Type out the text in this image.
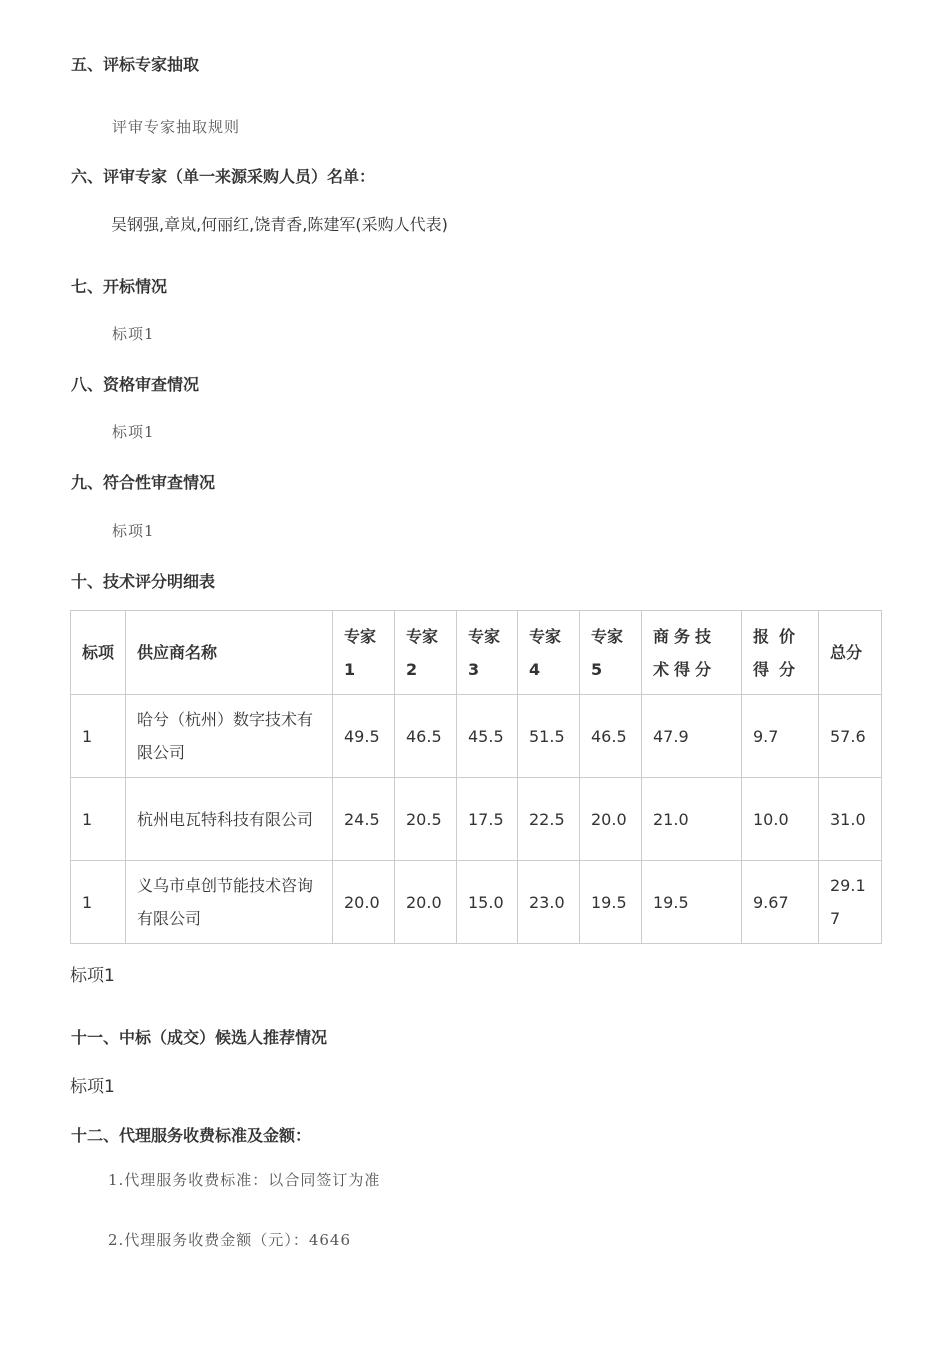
五、评标专家抽取

评审专家抽取规则

六、评审专家（单一来源采购人员）名单：

吴钢强,章岚,何丽红,饶青香,陈建军(采购人代表)

七、开标情况

标项1

八、资格审查情况

标项1

九、符合性审查情况

标项1

十、技术评分明细表

标项	供应商名称	专家1	专家2	专家3	专家4	专家5	商务技术得分	报价得分	总分
1	哈兮（杭州）数字技术有限公司	49.5	46.5	45.5	51.5	46.5	47.9	9.7	57.6
1	杭州电瓦特科技有限公司	24.5	20.5	17.5	22.5	20.0	21.0	10.0	31.0
1	义乌市卓创节能技术咨询有限公司	20.0	20.0	15.0	23.0	19.5	19.5	9.67	29.17

标项1

十一、中标（成交）候选人推荐情况

标项1

十二、代理服务收费标准及金额：

1.代理服务收费标准：以合同签订为准

2.代理服务收费金额（元）：4646
